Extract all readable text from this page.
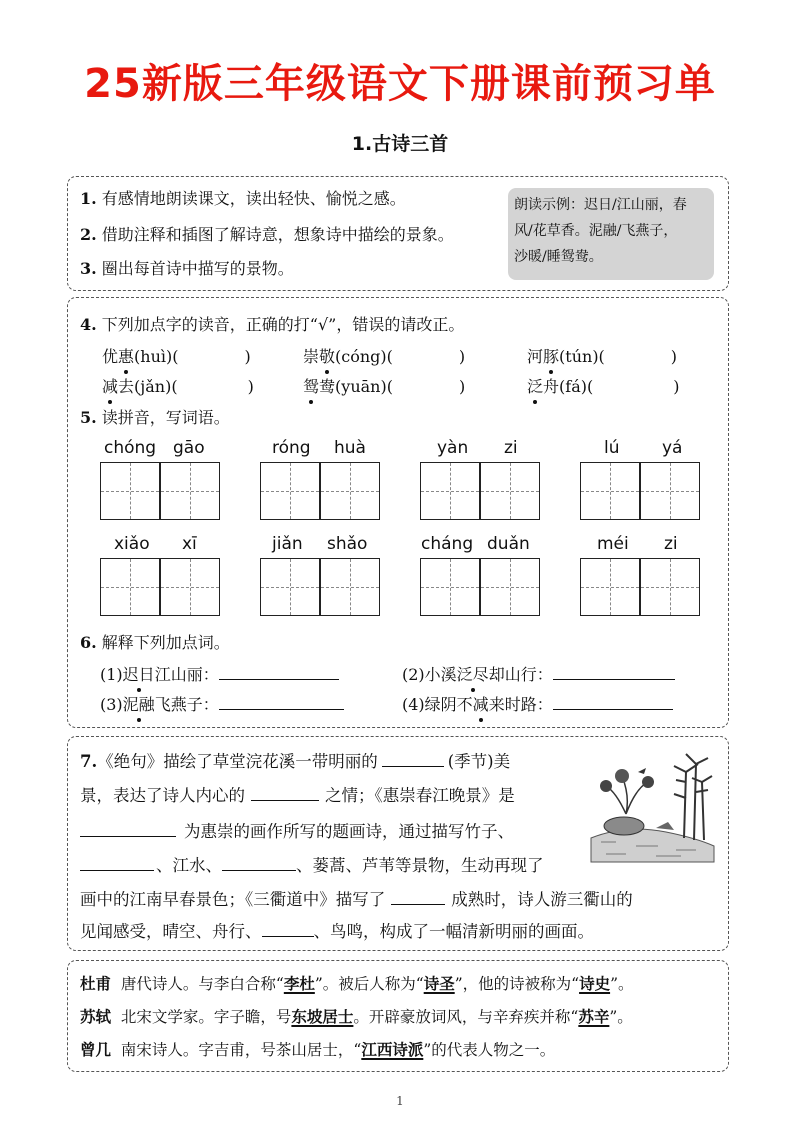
25新版三年级语文下册课前预习单
1.古诗三首
1. 有感情地朗读课文，读出轻快、愉悦之感。
2. 借助注释和插图了解诗意，想象诗中描绘的景象。
3. 圈出每首诗中描写的景物。
朗读示例：迟日/江山丽，春
风/花草香。泥融/飞燕子，
沙暖/睡鸳鸯。
4. 下列加点字的读音，正确的打“√”，错误的请改正。
优惠(huì)(	)	崇敬(cóng)(	)	河豚(tún)(	)
减去(jǎn)(	)	鸳鸯(yuān)(	)	泛舟(fá)(	)
5. 读拼音，写词语。
chóng gāo	róng huà	yàn zi	lú	yá
xiǎo xī	jiǎn shǎo	cháng duǎn	méi zi
6. 解释下列加点词。
(1)迟日江山丽：	(2)小溪泛尽却山行：
(3)泥融飞燕子：	(4)绿阴不减来时路：
7.《绝句》描绘了草堂浣花溪一带明丽的	(季节)美
景，表达了诗人内心的	之情；《惠崇春江晚景》是
为惠崇的画作所写的题画诗，通过描写竹子、
、江水、	、蒌蒿、芦苇等景物，生动再现了
画中的江南早春景色；《三衢道中》描写了	成熟时，诗人游三衢山的
见闻感受，晴空、舟行、	、鸟鸣，构成了一幅清新明丽的画面。
杜甫 唐代诗人。与李白合称“李杜”。被后人称为“诗圣”，他的诗被称为“诗史”。
苏轼 北宋文学家。字子瞻，号东坡居士。开辟豪放词风，与辛弃疾并称“苏辛”。
曾几 南宋诗人。字吉甫，号茶山居士，“江西诗派”的代表人物之一。
1
